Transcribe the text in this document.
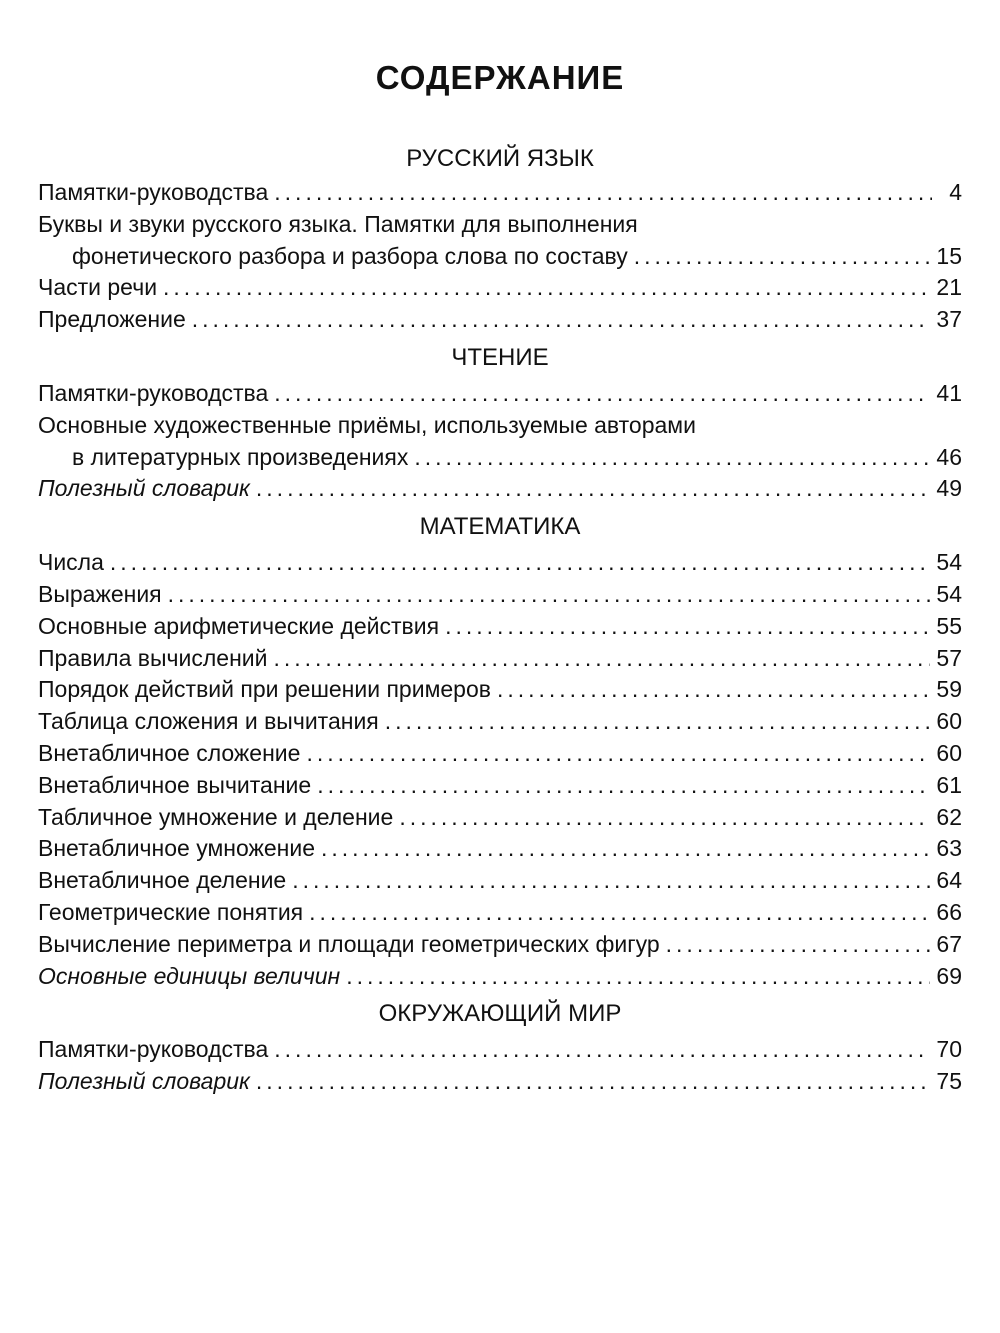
СОДЕРЖАНИЕ
РУССКИЙ ЯЗЫК
Памятки-руководства . . .	4
Буквы и звуки русского языка. Памятки для выполнения
фонетического разбора и разбора слова по составу . . .	15
Части речи . . .	21
Предложение . . .	37
ЧТЕНИЕ
Памятки-руководства . . .	41
Основные художественные приёмы, используемые авторами
в литературных произведениях . . .	46
Полезный словарик . . .	49
МАТЕМАТИКА
Числа . . .	54
Выражения . . .	54
Основные арифметические действия . . .	55
Правила вычислений . . .	57
Порядок действий при решении примеров . . .	59
Таблица сложения и вычитания . . .	60
Внетабличное сложение . . .	60
Внетабличное вычитание . . .	61
Табличное умножение и деление . . .	62
Внетабличное умножение . . .	63
Внетабличное деление . . .	64
Геометрические понятия . . .	66
Вычисление периметра и площади геометрических фигур . . .	67
Основные единицы величин . . .	69
ОКРУЖАЮЩИЙ МИР
Памятки-руководства . . .	70
Полезный словарик . . .	75
